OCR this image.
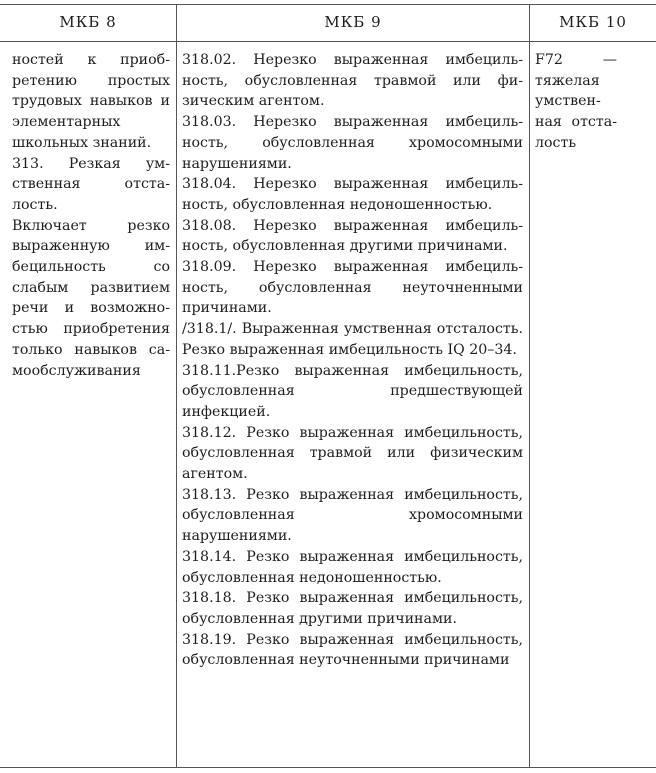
МКБ 8	МКБ 9	МКБ 10

ностей к приобретению простых трудовых навыков и элементарных школьных знаний.

313. Резкая умственная отсталость.

Включает резко выраженную имбецильность со слабым развитием речи и возможностью приобретения только навыков самообслуживания

318.02. Нерезко выраженная имбецильность, обусловленная травмой или физическим агентом.

318.03. Нерезко выраженная имбецильность, обусловленная хромосомными нарушениями.

318.04. Нерезко выраженная имбецильность, обусловленная недоношенностью.

318.08. Нерезко выраженная имбецильность, обусловленная другими причинами.

318.09. Нерезко выраженная имбецильность, обусловленная неуточненными причинами.

/318.1/. Выраженная умственная отсталость. Резко выраженная имбецильность IQ 20–34.

318.11.Резко выраженная имбецильность, обусловленная предшествующей инфекцией.

318.12. Резко выраженная имбецильность, обусловленная травмой или физическим агентом.

318.13. Резко выраженная имбецильность, обусловленная хромосомными нарушениями.

318.14. Резко выраженная имбецильность, обусловленная недоношенностью.

318.18. Резко выраженная имбецильность, обусловленная другими причинами.

318.19. Резко выраженная имбецильность, обусловленная неуточненными причинами

F72 — тяжелая умственная отсталость
